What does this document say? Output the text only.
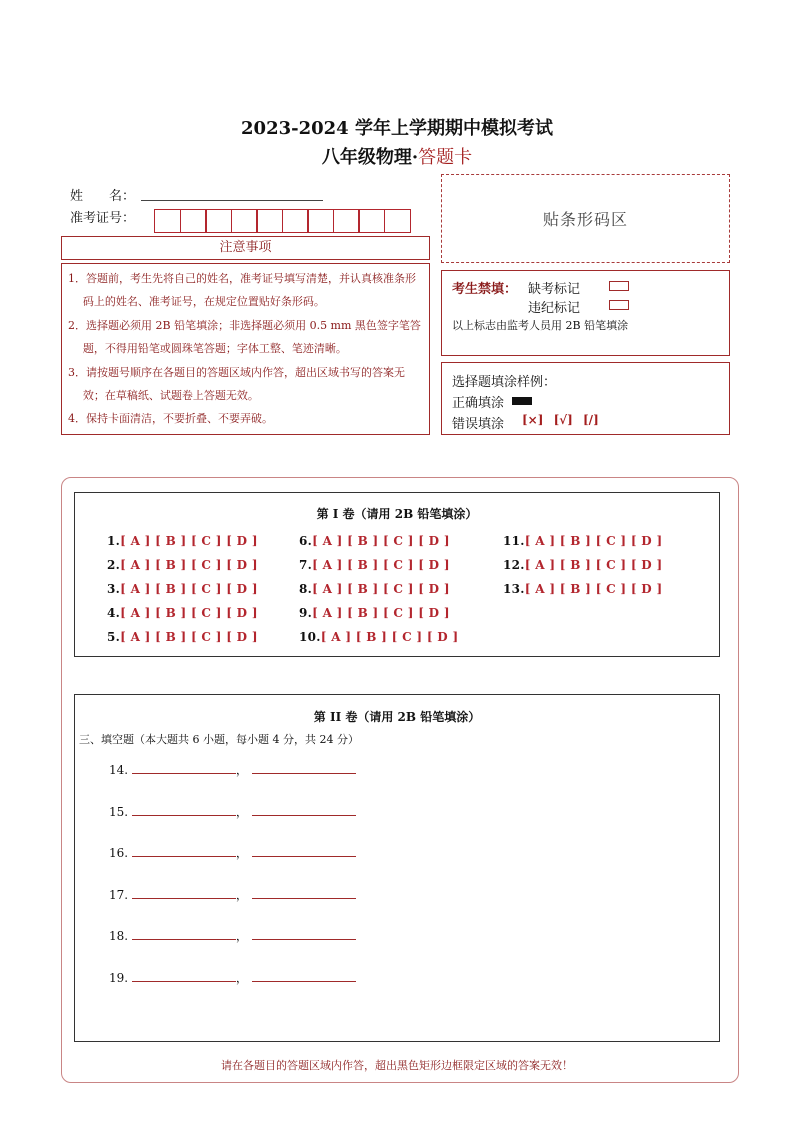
2023-2024 学年上学期期中模拟考试
八年级物理·答题卡
姓　　名：
准考证号：	贴条形码区
注意事项
1．答题前，考生先将自己的姓名，准考证号填写清楚，并认真核准条形码上的姓名、准考证号，在规定位置贴好条形码。
2．选择题必须用 2B 铅笔填涂；非选择题必须用 0.5 mm 黑色签字笔答题，不得用铅笔或圆珠笔答题；字体工整、笔迹清晰。
3．请按题号顺序在各题目的答题区域内作答，超出区域书写的答案无效；在草稿纸、试题卷上答题无效。
4．保持卡面清洁，不要折叠、不要弄破。
考生禁填： 缺考标记
违纪标记
以上标志由监考人员用 2B 铅笔填涂
选择题填涂样例：
正确填涂
错误填涂 [×] [√] [/]
第 I 卷（请用 2B 铅笔填涂）
1.[ A ] [ B ] [ C ] [ D ]
2.[ A ] [ B ] [ C ] [ D ]
3.[ A ] [ B ] [ C ] [ D ]
4.[ A ] [ B ] [ C ] [ D ]
5.[ A ] [ B ] [ C ] [ D ]
6.[ A ] [ B ] [ C ] [ D ]
7.[ A ] [ B ] [ C ] [ D ]
8.[ A ] [ B ] [ C ] [ D ]
9.[ A ] [ B ] [ C ] [ D ]
10.[ A ] [ B ] [ C ] [ D ]
11.[ A ] [ B ] [ C ] [ D ]
12.[ A ] [ B ] [ C ] [ D ]
13.[ A ] [ B ] [ C ] [ D ]
第 II 卷（请用 2B 铅笔填涂）
三、填空题（本大题共 6 小题，每小题 4 分，共 24 分）
14.	，
15.	，
16.	，
17.	，
18.	，
19.	，
请在各题目的答题区域内作答，超出黑色矩形边框限定区域的答案无效！
